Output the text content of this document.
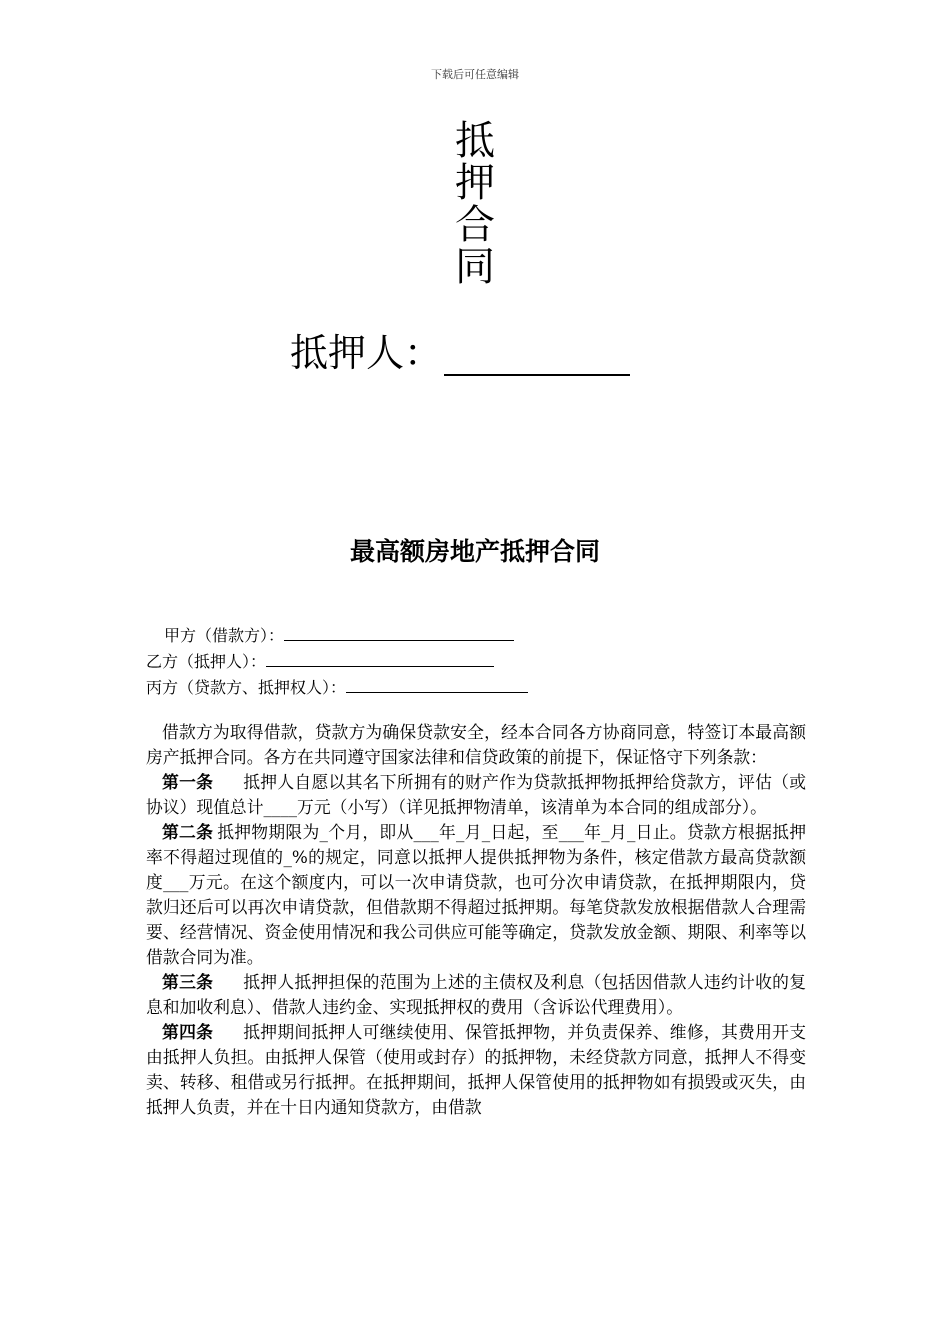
下载后可任意编辑
抵
押
合
同
抵押人：
最高额房地产抵押合同
甲方（借款方）：
乙方（抵押人）：
丙方（贷款方、抵押权人）：

借款方为取得借款，贷款方为确保贷款安全，经本合同各方协商同意，特签订本最高额房产抵押合同。各方在共同遵守国家法律和信贷政策的前提下，保证恪守下列条款：

第一条 抵押人自愿以其名下所拥有的财产作为贷款抵押物抵押给贷款方，评估（或协议）现值总计____万元（小写）（详见抵押物清单，该清单为本合同的组成部分）。

第二条 抵押物期限为_个月，即从___年_月_日起，至___年_月_日止。贷款方根据抵押率不得超过现值的_%的规定，同意以抵押人提供抵押物为条件，核定借款方最高贷款额度___万元。在这个额度内，可以一次申请贷款，也可分次申请贷款，在抵押期限内，贷款归还后可以再次申请贷款，但借款期不得超过抵押期。每笔贷款发放根据借款人合理需要、经营情况、资金使用情况和我公司供应可能等确定，贷款发放金额、期限、利率等以借款合同为准。

第三条 抵押人抵押担保的范围为上述的主债权及利息（包括因借款人违约计收的复息和加收利息）、借款人违约金、实现抵押权的费用（含诉讼代理费用）。

第四条 抵押期间抵押人可继续使用、保管抵押物，并负责保养、维修，其费用开支由抵押人负担。由抵押人保管（使用或封存）的抵押物，未经贷款方同意，抵押人不得变卖、转移、租借或另行抵押。在抵押期间，抵押人保管使用的抵押物如有损毁或灭失，由抵押人负责，并在十日内通知贷款方，由借款
